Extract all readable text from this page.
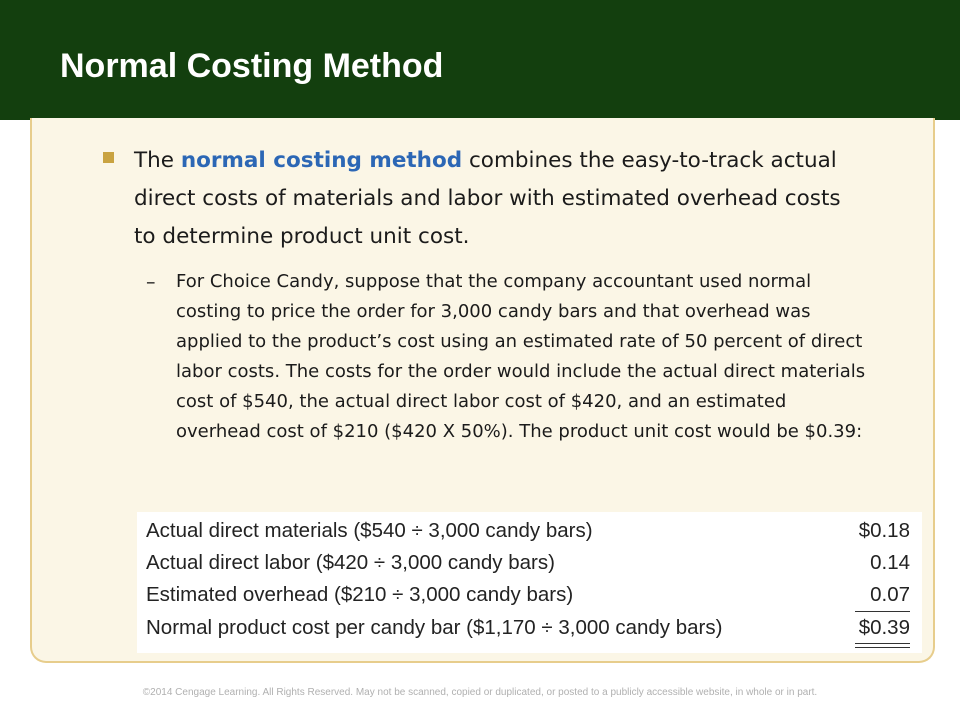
Normal Costing Method
The normal costing method combines the easy-to-track actual direct costs of materials and labor with estimated overhead costs to determine product unit cost.
– For Choice Candy, suppose that the company accountant used normal costing to price the order for 3,000 candy bars and that overhead was applied to the product’s cost using an estimated rate of 50 percent of direct labor costs. The costs for the order would include the actual direct materials cost of $540, the actual direct labor cost of $420, and an estimated overhead cost of $210 ($420 X 50%). The product unit cost would be $0.39:
Actual direct materials ($540 ÷ 3,000 candy bars)	$0.18
Actual direct labor ($420 ÷ 3,000 candy bars)	0.14
Estimated overhead ($210 ÷ 3,000 candy bars)	0.07
Normal product cost per candy bar ($1,170 ÷ 3,000 candy bars)	$0.39
©2014 Cengage Learning. All Rights Reserved. May not be scanned, copied or duplicated, or posted to a publicly accessible website, in whole or in part.
